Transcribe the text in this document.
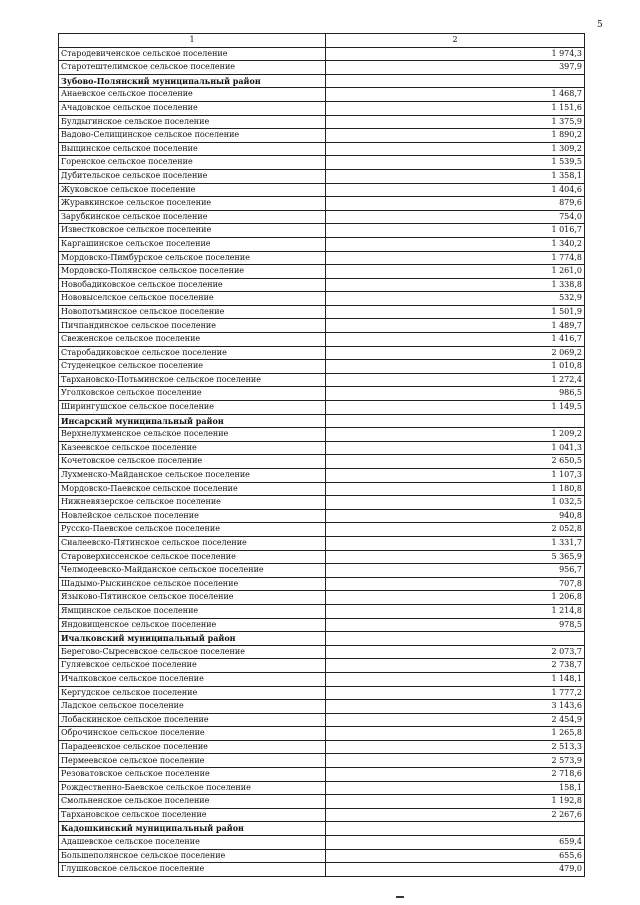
5
1	2
Стародевиченское сельское поселение	1 974,3
Старотештелимское сельское поселение	397,9
Зубово-Полянский муниципальный район	
Анаевское сельское поселение	1 468,7
Ачадовское сельское поселение	1 151,6
Булдыгинское сельское поселение	1 375,9
Вадово-Селищинское сельское поселение	1 890,2
Выщинское сельское поселение	1 309,2
Горенское сельское поселение	1 539,5
Дубительское сельское поселение	1 358,1
Жуковское сельское поселение	1 404,6
Журавкинское сельское поселение	879,6
Зарубкинское сельское поселение	754,0
Известковское сельское поселение	1 016,7
Каргашинское сельское поселение	1 340,2
Мордовско-Пимбурское сельское поселение	1 774,8
Мордовско-Полянское сельское поселение	1 261,0
Новобадиковское сельское поселение	1 338,8
Нововыселское сельское поселение	532,9
Новопотьминское сельское поселение	1 501,9
Пичпандинское сельское поселение	1 489,7
Свеженское сельское поселение	1 416,7
Старобадиковское сельское поселение	2 069,2
Студенецкое сельское поселение	1 010,8
Тархановско-Потьминское сельское поселение	1 272,4
Уголковское сельское поселение	986,5
Ширингушское сельское поселение	1 149,5
Инсарский муниципальный район	
Верхнелухменское сельское поселение	1 209,2
Казеевское сельское поселение	1 041,3
Кочетовское сельское поселение	2 650,5
Лухменско-Майданское сельское поселение	1 107,3
Мордовско-Паевское сельское поселение	1 180,8
Нижневязерское сельское поселение	1 032,5
Новлейское сельское поселение	940,8
Русско-Паевское сельское поселение	2 052,8
Сиалеевско-Пятинское сельское поселение	1 331,7
Староверхиссенское сельское поселение	5 365,9
Челмодеевско-Майданское сельское поселение	956,7
Шадымо-Рыскинское сельское поселение	707,8
Языково-Пятинское сельское поселение	1 206,8
Ямщинское сельское поселение	1 214,8
Яндовищенское сельское поселение	978,5
Ичалковский муниципальный район	
Берегово-Сыресевское сельское поселение	2 073,7
Гуляевское сельское поселение	2 738,7
Ичалковское сельское поселение	1 148,1
Кергудское сельское поселение	1 777,2
Ладское сельское поселение	3 143,6
Лобаскинское сельское поселение	2 454,9
Оброчинское сельское поселение	1 265,8
Парадеевское сельское поселение	2 513,3
Пермеевское сельское поселение	2 573,9
Резоватовское сельское поселение	2 718,6
Рождественно-Баевское сельское поселение	158,1
Смольненское сельское поселение	1 192,8
Тархановское сельское поселение	2 267,6
Кадошкинский муниципальный район	
Адашевское сельское поселение	659,4
Большеполянское сельское поселение	655,6
Глушковское сельское поселение	479,0
